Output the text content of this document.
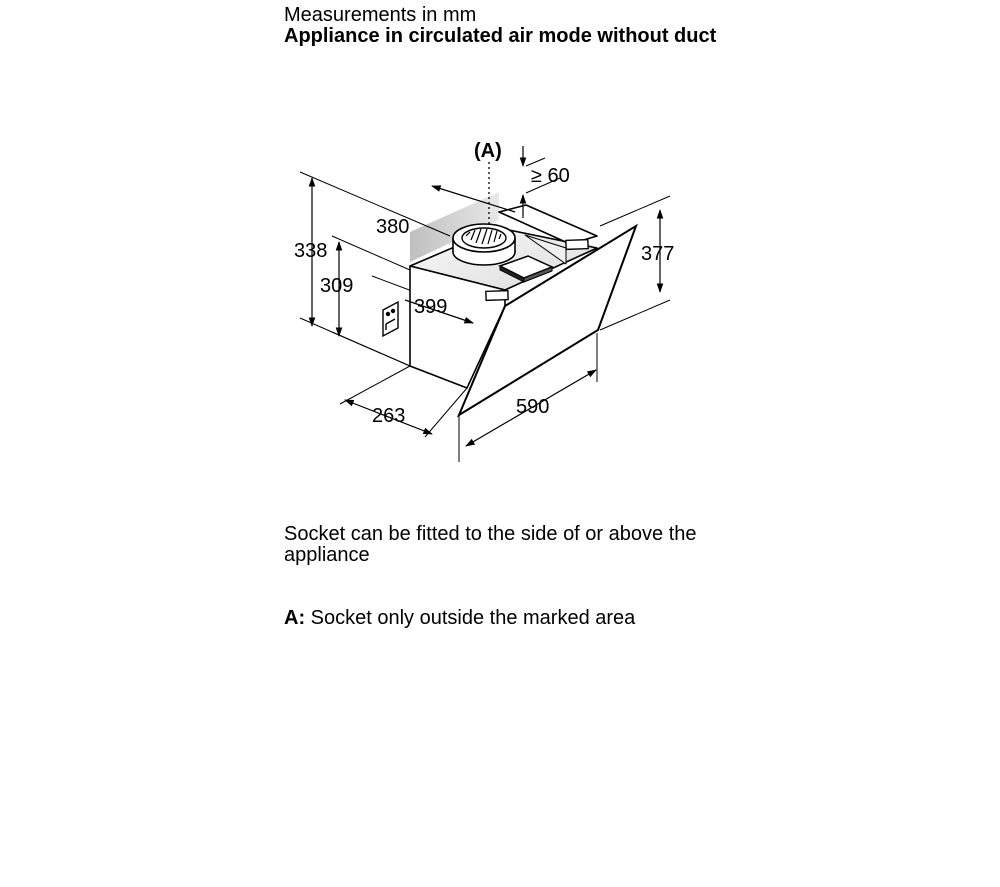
Measurements in mm
Appliance in circulated air mode without duct
(A)
≥ 60
380
338
309
399
377
263	590
Socket can be fitted to the side of or above the appliance
A: Socket only outside the marked area
